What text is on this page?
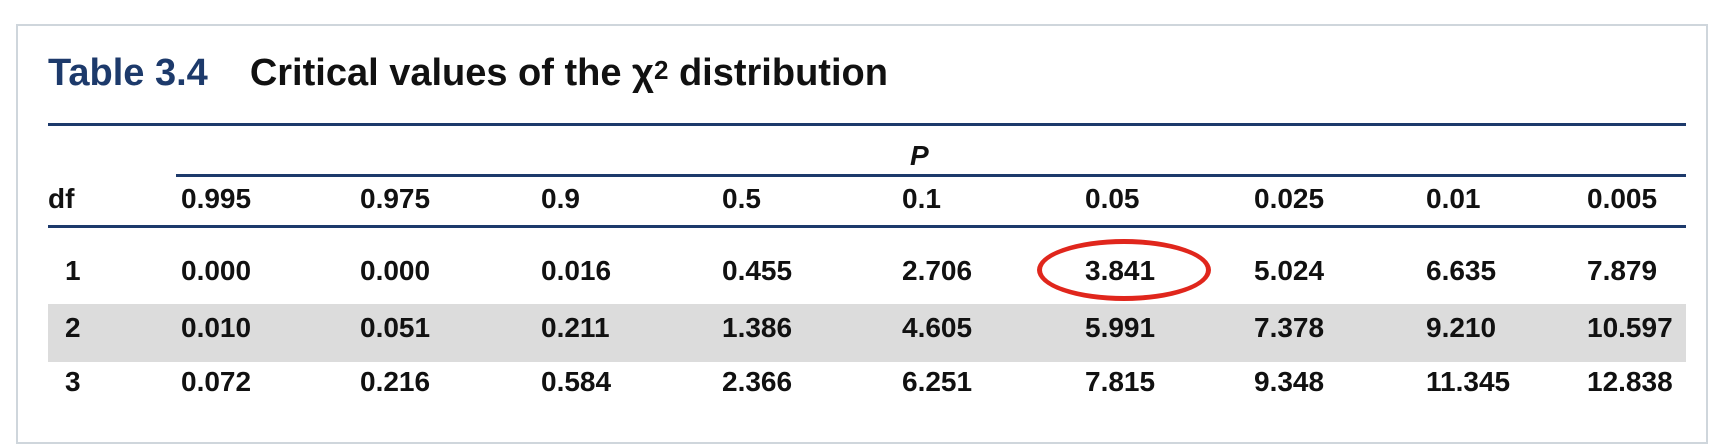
Table 3.4 Critical values of the $\chi^2$ distribution
P
df	0.995	0.975	0.9	0.5	0.1	0.05	0.025	0.01	0.005
1	0.000	0.000	0.016	0.455	2.706	3.841	5.024	6.635	7.879
2	0.010	0.051	0.211	1.386	4.605	5.991	7.378	9.210	10.597
3	0.072	0.216	0.584	2.366	6.251	7.815	9.348	11.345	12.838
